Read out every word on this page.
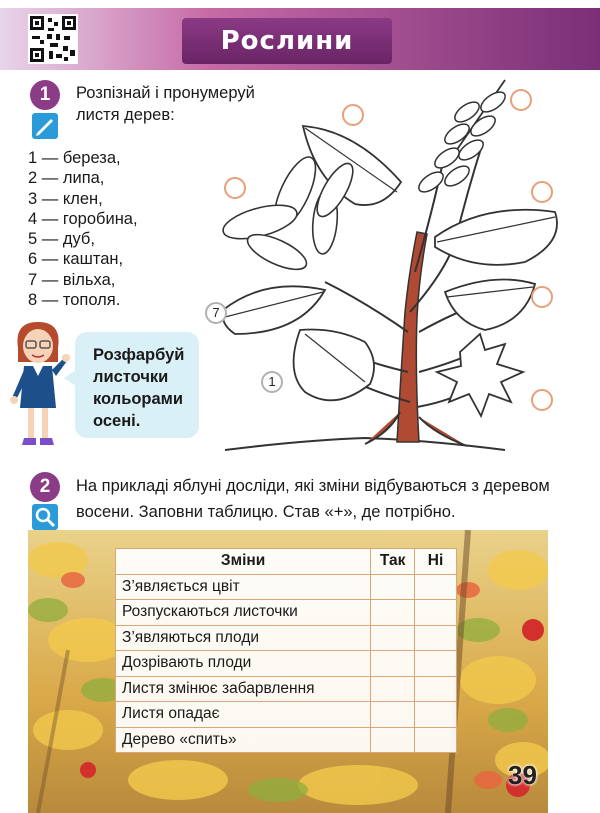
Рослини восени
1	Розпізнай і пронумеруй листя дерев:
1 — береза,
2 — липа,
3 — клен,
4 — горобина,
5 — дуб,
6 — каштан,
7 — вільха,
8 — тополя.
Розфарбуй листочки кольорами осені.
7
1
2	На прикладі яблуні досліди, які зміни відбуваються з деревом восени. Заповни таблицю. Став «+», де потрібно.
Зміни	Так	Ні
З’являється цвіт		
Розпускаються листочки		
З’являються плоди		
Дозрівають плоди		
Листя змінює забарвлення		
Листя опадає		
Дерево «спить»		
39
